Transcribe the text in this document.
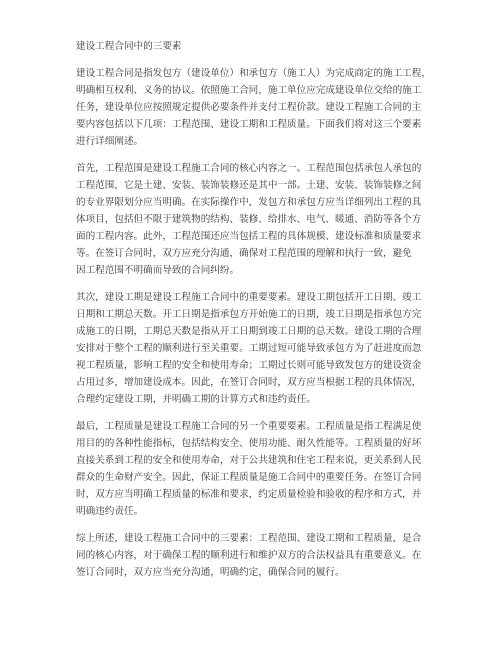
建设工程合同中的三要素
建设工程合同是指发包方（建设单位）和承包方（施工人）为完成商定的施工工程，
明确相互权利、义务的协议。依照施工合同，施工单位应完成建设单位交给的施工
任务，建设单位应按照规定提供必要条件并支付工程价款。建设工程施工合同的主
要内容包括以下几项：工程范围、建设工期和工程质量。下面我们将对这三个要素
进行详细阐述。
首先，工程范围是建设工程施工合同的核心内容之一。工程范围包括承包人承包的
工程范围，它是土建、安装、装饰装修还是其中一部。土建、安装、装饰装修之间
的专业界限划分应当明确。在实际操作中，发包方和承包方应当详细列出工程的具
体项目，包括但不限于建筑物的结构、装修、给排水、电气、暖通、消防等各个方
面的工程内容。此外，工程范围还应当包括工程的具体规模、建设标准和质量要求
等。在签订合同时，双方应充分沟通，确保对工程范围的理解和执行一致，避免
因工程范围不明确而导致的合同纠纷。
其次，建设工期是建设工程施工合同中的重要要素。建设工期包括开工日期、竣工
日期和工期总天数。开工日期是指承包方开始施工的日期，竣工日期是指承包方完
成施工的日期，工期总天数是指从开工日期到竣工日期的总天数。建设工期的合理
安排对于整个工程的顺利进行至关重要。工期过短可能导致承包方为了赶进度而忽
视工程质量，影响工程的安全和使用寿命；工期过长则可能导致发包方的建设资金
占用过多，增加建设成本。因此，在签订合同时，双方应当根据工程的具体情况，
合理约定建设工期，并明确工期的计算方式和违约责任。
最后，工程质量是建设工程施工合同的另一个重要要素。工程质量是指工程满足使
用目的的各种性能指标，包括结构安全、使用功能、耐久性能等。工程质量的好坏
直接关系到工程的安全和使用寿命，对于公共建筑和住宅工程来说，更关系到人民
群众的生命财产安全。因此，保证工程质量是施工合同中的重要任务。在签订合同
时，双方应当明确工程质量的标准和要求，约定质量检验和验收的程序和方式，并
明确违约责任。
综上所述，建设工程施工合同中的三要素：工程范围、建设工期和工程质量，是合
同的核心内容，对于确保工程的顺利进行和维护双方的合法权益具有重要意义。在
签订合同时，双方应当充分沟通，明确约定，确保合同的履行。
